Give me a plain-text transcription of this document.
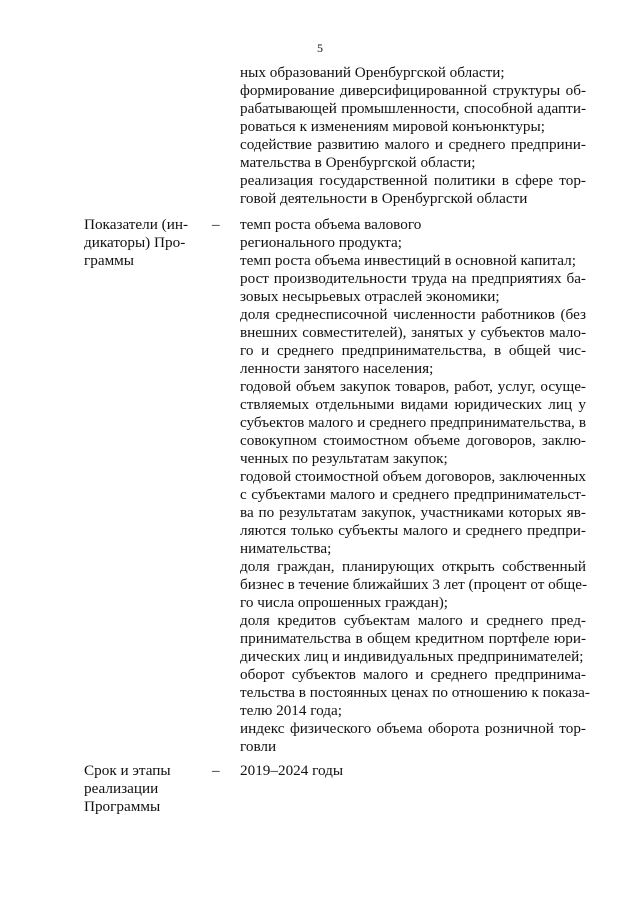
5
ных образований Оренбургской области;
формирование диверсифицированной структуры об-
рабатывающей промышленности, способной адапти-
роваться к изменениям мировой конъюнктуры;
содействие развитию малого и среднего предприни-
мательства в Оренбургской области;
реализация государственной политики в сфере тор-
говой деятельности в Оренбургской области
Показатели (ин-
дикаторы) Про-
граммы
– темп роста объема валового
регионального продукта;
темп роста объема инвестиций в основной капитал;
рост производительности труда на предприятиях ба-
зовых несырьевых отраслей экономики;
доля среднесписочной численности работников (без
внешних совместителей), занятых у субъектов мало-
го и среднего предпринимательства, в общей чис-
ленности занятого населения;
годовой объем закупок товаров, работ, услуг, осуще-
ствляемых отдельными видами юридических лиц у
субъектов малого и среднего предпринимательства, в
совокупном стоимостном объеме договоров, заклю-
ченных по результатам закупок;
годовой стоимостной объем договоров, заключенных
с субъектами малого и среднего предпринимательст-
ва по результатам закупок, участниками которых яв-
ляются только субъекты малого и среднего предпри-
нимательства;
доля граждан, планирующих открыть собственный
бизнес в течение ближайших 3 лет (процент от обще-
го числа опрошенных граждан);
доля кредитов субъектам малого и среднего пред-
принимательства в общем кредитном портфеле юри-
дических лиц и индивидуальных предпринимателей;
оборот субъектов малого и среднего предпринима-
тельства в постоянных ценах по отношению к показа-
телю 2014 года;
индекс физического объема оборота розничной тор-
говли
Срок и этапы
реализации
Программы
– 2019–2024 годы
